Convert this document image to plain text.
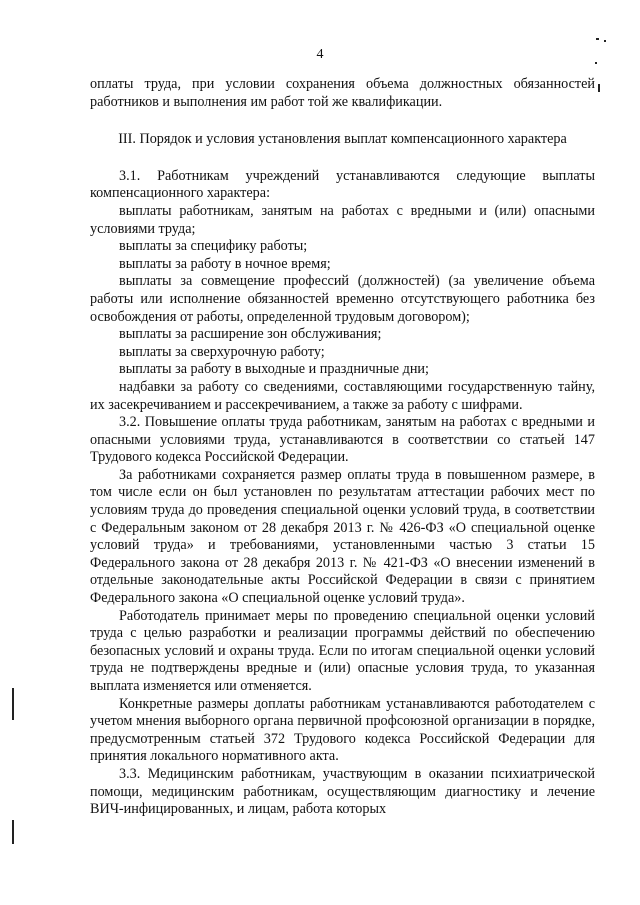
4

оплаты труда, при условии сохранения объема должностных обязанностей работников и выполнения им работ той же квалификации.

III. Порядок и условия установления выплат компенсационного характера

3.1. Работникам учреждений устанавливаются следующие выплаты компенсационного характера:

выплаты работникам, занятым на работах с вредными и (или) опасными условиями труда;

выплаты за специфику работы;

выплаты за работу в ночное время;

выплаты за совмещение профессий (должностей) (за увеличение объема работы или исполнение обязанностей временно отсутствующего работника без освобождения от работы, определенной трудовым договором);

выплаты за расширение зон обслуживания;

выплаты за сверхурочную работу;

выплаты за работу в выходные и праздничные дни;

надбавки за работу со сведениями, составляющими государственную тайну, их засекречиванием и рассекречиванием, а также за работу с шифрами.

3.2. Повышение оплаты труда работникам, занятым на работах с вредными и опасными условиями труда, устанавливаются в соответствии со статьей 147 Трудового кодекса Российской Федерации.

За работниками сохраняется размер оплаты труда в повышенном размере, в том числе если он был установлен по результатам аттестации рабочих мест по условиям труда до проведения специальной оценки условий труда, в соответствии с Федеральным законом от 28 декабря 2013 г. № 426-ФЗ «О специальной оценке условий труда» и требованиями, установленными частью 3 статьи 15 Федерального закона от 28 декабря 2013 г. № 421-ФЗ «О внесении изменений в отдельные законодательные акты Российской Федерации в связи с принятием Федерального закона «О специальной оценке условий труда».

Работодатель принимает меры по проведению специальной оценки условий труда с целью разработки и реализации программы действий по обеспечению безопасных условий и охраны труда. Если по итогам специальной оценки условий труда не подтверждены вредные и (или) опасные условия труда, то указанная выплата изменяется или отменяется.

Конкретные размеры доплаты работникам устанавливаются работодателем с учетом мнения выборного органа первичной профсоюзной организации в порядке, предусмотренным статьей 372 Трудового кодекса Российской Федерации для принятия локального нормативного акта.

3.3. Медицинским работникам, участвующим в оказании психиатрической помощи, медицинским работникам, осуществляющим диагностику и лечение ВИЧ-инфицированных, и лицам, работа которых
